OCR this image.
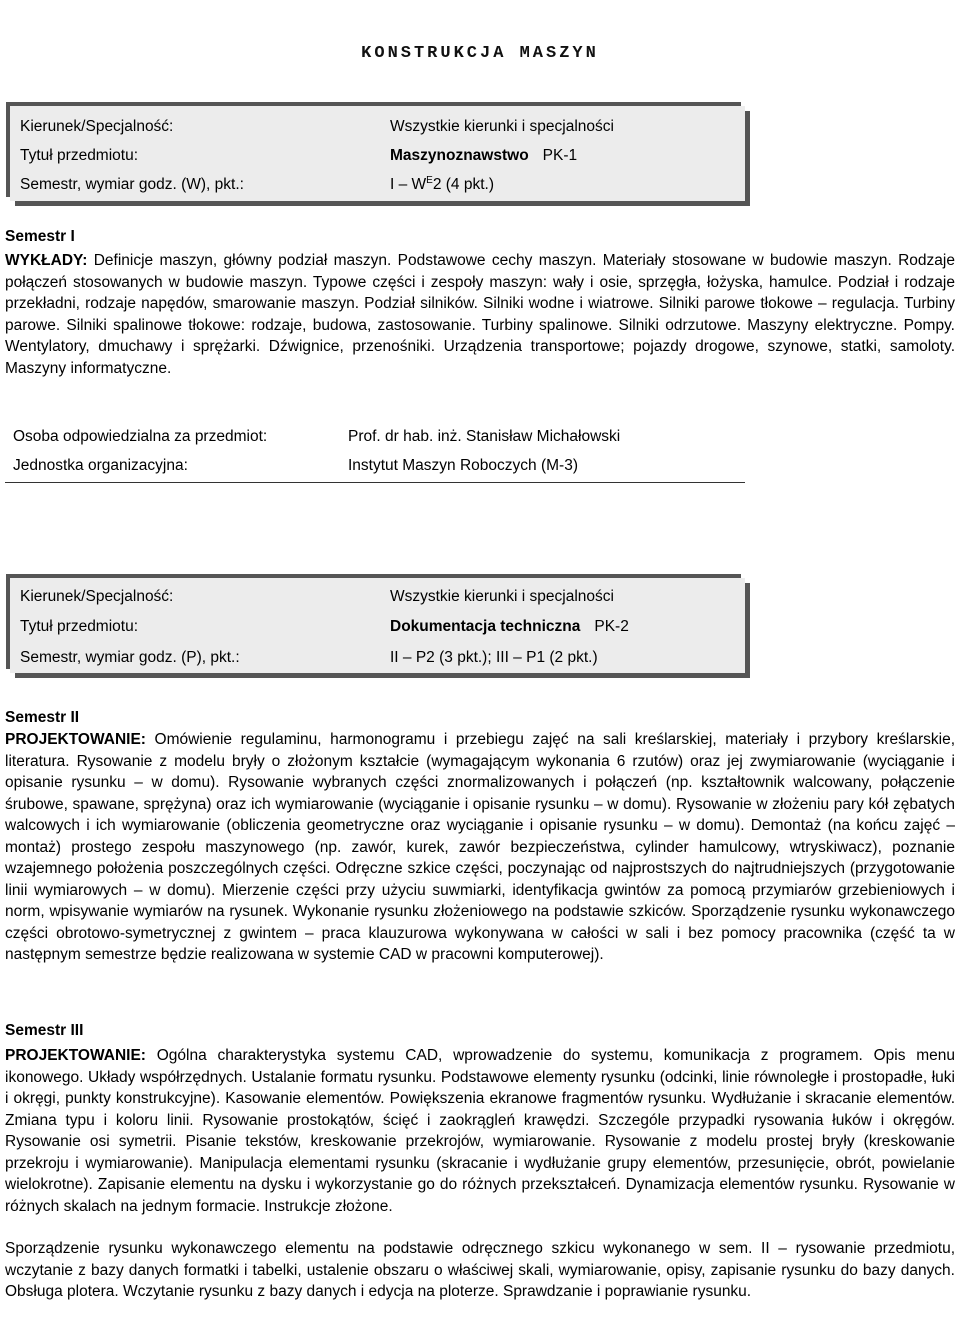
KONSTRUKCJA MASZYN
Kierunek/Specjalność:	Wszystkie kierunki i specjalności
Tytuł przedmiotu:	Maszynoznawstwo PK-1
Semestr, wymiar godz. (W), pkt.:	I – $W^E2$ (4 pkt.)
Semestr I
WYKŁADY: Definicje maszyn, główny podział maszyn. Podstawowe cechy maszyn. Materiały stosowane w budowie maszyn. Rodzaje połączeń stosowanych w budowie maszyn. Typowe części i zespoły maszyn: wały i osie, sprzęgła, łożyska, hamulce. Podział i rodzaje przekładni, rodzaje napędów, smarowanie maszyn. Podział silników. Silniki wodne i wiatrowe. Silniki parowe tłokowe – regulacja. Turbiny parowe. Silniki spalinowe tłokowe: rodzaje, budowa, zastosowanie. Turbiny spalinowe. Silniki odrzutowe. Maszyny elektryczne. Pompy. Wentylatory, dmuchawy i sprężarki. Dźwignice, przenośniki. Urządzenia transportowe; pojazdy drogowe, szynowe, statki, samoloty. Maszyny informatyczne.
Osoba odpowiedzialna za przedmiot:	Prof. dr hab. inż. Stanisław Michałowski
Jednostka organizacyjna:	Instytut Maszyn Roboczych (M-3)
Kierunek/Specjalność:	Wszystkie kierunki i specjalności
Tytuł przedmiotu:	Dokumentacja techniczna PK-2
Semestr, wymiar godz. (P), pkt.:	II – P2 (3 pkt.); III – P1 (2 pkt.)
Semestr II
PROJEKTOWANIE: Omówienie regulaminu, harmonogramu i przebiegu zajęć na sali kreślarskiej, materiały i przybory kreślarskie, literatura. Rysowanie z modelu bryły o złożonym kształcie (wymagającym wykonania 6 rzutów) oraz jej zwymiarowanie (wyciąganie i opisanie rysunku – w domu). Rysowanie wybranych części znormalizowanych i połączeń (np. kształtownik walcowany, połączenie śrubowe, spawane, sprężyna) oraz ich wymiarowanie (wyciąganie i opisanie rysunku – w domu). Rysowanie w złożeniu pary kół zębatych walcowych i ich wymiarowanie (obliczenia geometryczne oraz wyciąganie i opisanie rysunku – w domu). Demontaż (na końcu zajęć – montaż) prostego zespołu maszynowego (np. zawór, kurek, zawór bezpieczeństwa, cylinder hamulcowy, wtryskiwacz), poznanie wzajemnego położenia poszczególnych części. Odręczne szkice części, poczynając od najprostszych do najtrudniejszych (przygotowanie linii wymiarowych – w domu). Mierzenie części przy użyciu suwmiarki, identyfikacja gwintów za pomocą przymiarów grzebieniowych i norm, wpisywanie wymiarów na rysunek. Wykonanie rysunku złożeniowego na podstawie szkiców. Sporządzenie rysunku wykonawczego części obrotowo-symetrycznej z gwintem – praca klauzurowa wykonywana w całości w sali i bez pomocy pracownika (część ta w następnym semestrze będzie realizowana w systemie CAD w pracowni komputerowej).
Semestr III
PROJEKTOWANIE: Ogólna charakterystyka systemu CAD, wprowadzenie do systemu, komunikacja z programem. Opis menu ikonowego. Układy współrzędnych. Ustalanie formatu rysunku. Podstawowe elementy rysunku (odcinki, linie równoległe i prostopadłe, łuki i okręgi, punkty konstrukcyjne). Kasowanie elementów. Powiększenia ekranowe fragmentów rysunku. Wydłużanie i skracanie elementów. Zmiana typu i koloru linii. Rysowanie prostokątów, ścięć i zaokrągleń krawędzi. Szczególe przypadki rysowania łuków i okręgów. Rysowanie osi symetrii. Pisanie tekstów, kreskowanie przekrojów, wymiarowanie. Rysowanie z modelu prostej bryły (kreskowanie przekroju i wymiarowanie). Manipulacja elementami rysunku (skracanie i wydłużanie grupy elementów, przesunięcie, obrót, powielanie wielokrotne). Zapisanie elementu na dysku i wykorzystanie go do różnych przekształceń. Dynamizacja elementów rysunku. Rysowanie w różnych skalach na jednym formacie. Instrukcje złożone.
Sporządzenie rysunku wykonawczego elementu na podstawie odręcznego szkicu wykonanego w sem. II – rysowanie przedmiotu, wczytanie z bazy danych formatki i tabelki, ustalenie obszaru o właściwej skali, wymiarowanie, opisy, zapisanie rysunku do bazy danych. Obsługa plotera. Wczytanie rysunku z bazy danych i edycja na ploterze. Sprawdzanie i poprawianie rysunku.
